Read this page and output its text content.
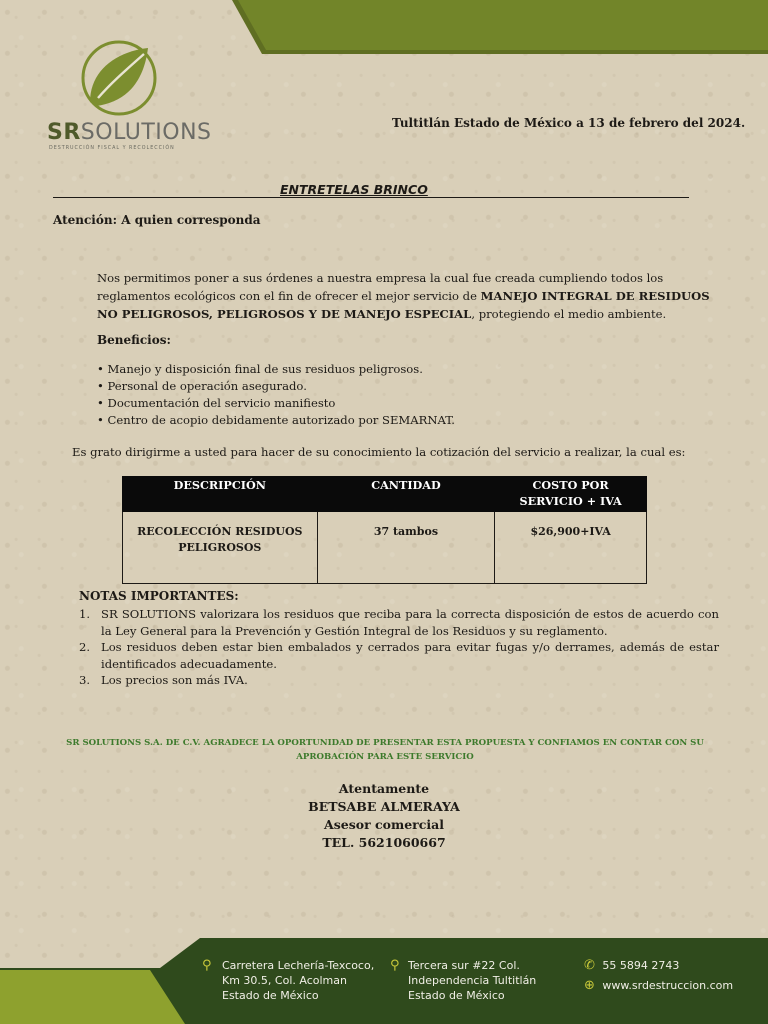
SRSOLUTIONS
DESTRUCCIÓN FISCAL Y RECOLECCIÓN
Tultitlán Estado de México a 13 de febrero del 2024.
ENTRETELAS BRINCO
Atención: A quien corresponda
Nos permitimos poner a sus órdenes a nuestra empresa la cual fue creada cumpliendo todos los reglamentos ecológicos con el fin de ofrecer el mejor servicio de MANEJO INTEGRAL DE RESIDUOS NO PELIGROSOS, PELIGROSOS Y DE MANEJO ESPECIAL, protegiendo el medio ambiente.
Beneficios:
• Manejo y disposición final de sus residuos peligrosos.
• Personal de operación asegurado.
• Documentación del servicio manifiesto
• Centro de acopio debidamente autorizado por SEMARNAT.
Es grato dirigirme a usted para hacer de su conocimiento la cotización del servicio a realizar, la cual es:
DESCRIPCIÓN	CANTIDAD	COSTO POR SERVICIO + IVA
RECOLECCIÓN RESIDUOS PELIGROSOS	37 tambos	$26,900+IVA
NOTAS IMPORTANTES:
1. SR SOLUTIONS valorizara los residuos que reciba para la correcta disposición de estos de acuerdo con la Ley General para la Prevención y Gestión Integral de los Residuos y su reglamento.
2. Los residuos deben estar bien embalados y cerrados para evitar fugas y/o derrames, además de estar identificados adecuadamente.
3. Los precios son más IVA.
SR SOLUTIONS S.A. DE C.V. AGRADECE LA OPORTUNIDAD DE PRESENTAR ESTA PROPUESTA Y CONFIAMOS EN CONTAR CON SU APROBACIÓN PARA ESTE SERVICIO
Atentamente
BETSABE ALMERAYA
Asesor comercial
TEL. 5621060667
⚲ Carretera Lechería-Texcoco,
Km 30.5, Col. Acolman
Estado de México
⚲ Tercera sur #22 Col.
Independencia Tultitlán
Estado de México
✆ 55 5894 2743
⊕ www.srdestruccion.com
